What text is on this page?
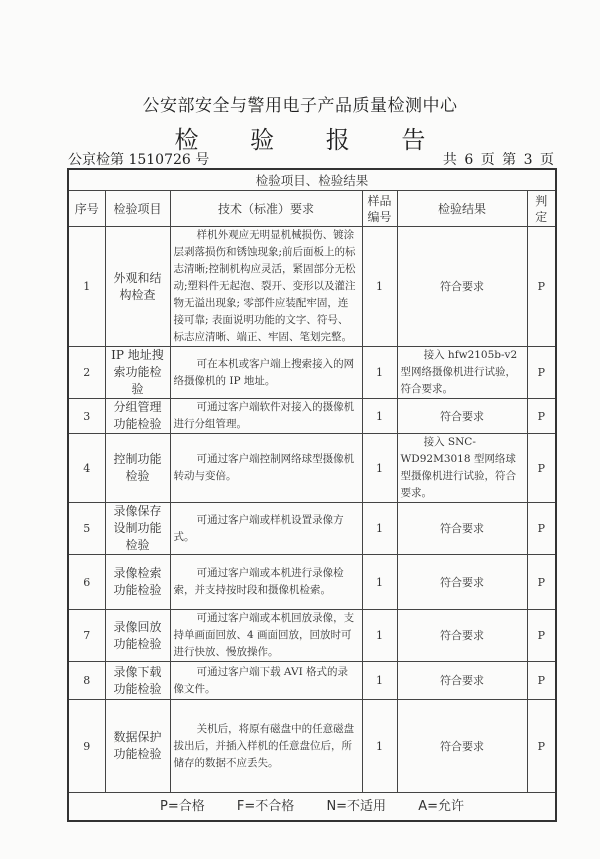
公安部安全与警用电子产品质量检测中心
检 验 报 告
公京检第 1510726 号	共 6 页 第 3 页
检验项目、检验结果					
序号	检验项目	技术（标准）要求	样品编号	检验结果	判定
1	外观和结构检查	样机外观应无明显机械损伤、镀涂层剥落损伤和锈蚀现象;前后面板上的标志清晰;控制机构应灵活，紧固部分无松动;塑料件无起泡、裂开、变形以及灌注物无溢出现象; 零部件应装配牢固，连接可靠; 表面说明功能的文字、符号、标志应清晰、端正、牢固、笔划完整。	1	符合要求	P
2	IP 地址搜索功能检验	可在本机或客户端上搜索接入的网络摄像机的 IP 地址。	1	接入 hfw2105b-v2 型网络摄像机进行试验，符合要求。	P
3	分组管理功能检验	可通过客户端软件对接入的摄像机进行分组管理。	1	符合要求	P
4	控制功能检验	可通过客户端控制网络球型摄像机转动与变倍。	1	接入 SNC-WD92M3018 型网络球型摄像机进行试验，符合要求。	P
5	录像保存设制功能检验	可通过客户端或样机设置录像方式。	1	符合要求	P
6	录像检索功能检验	可通过客户端或本机进行录像检索，并支持按时段和摄像机检索。	1	符合要求	P
7	录像回放功能检验	可通过客户端或本机回放录像，支持单画面回放、4 画面回放，回放时可进行快放、慢放操作。	1	符合要求	P
8	录像下载功能检验	可通过客户端下载 AVI 格式的录像文件。	1	符合要求	P
9	数据保护功能检验	关机后，将原有磁盘中的任意磁盘拔出后，并插入样机的任意盘位后，所储存的数据不应丢失。	1	符合要求	P
P=合格 F=不合格 N=不适用 A=允许					
